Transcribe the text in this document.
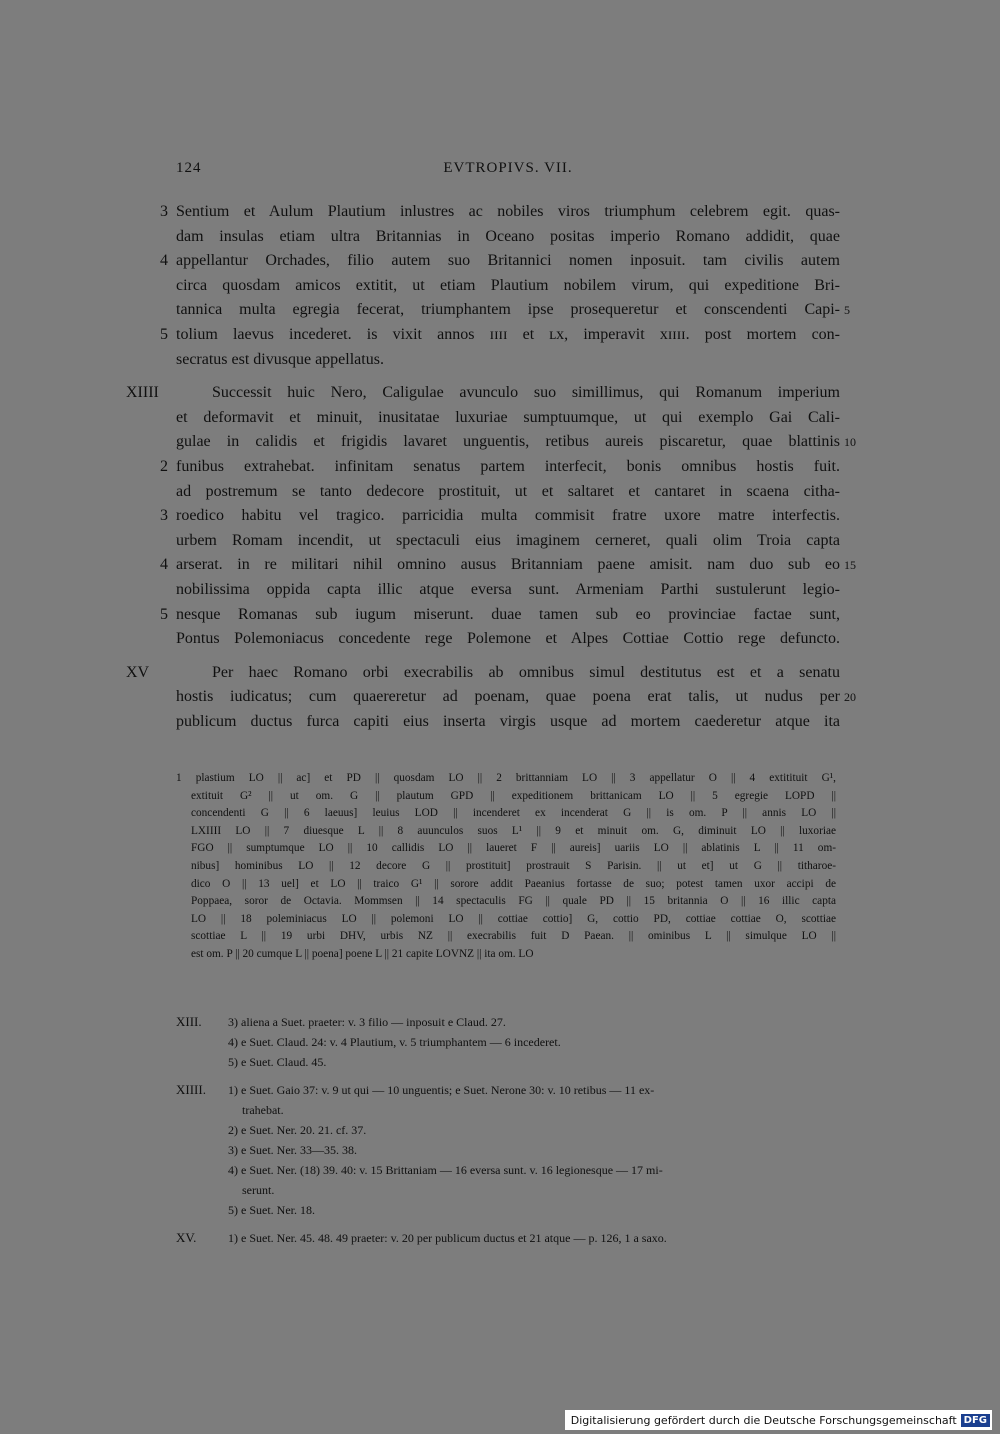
124	EVTROPIVS. VII.
3 Sentium et Aulum Plautium inlustres ac nobiles viros triumphum celebrem egit. quas-
dam insulas etiam ultra Britannias in Oceano positas imperio Romano addidit, quae
4 appellantur Orchades, filio autem suo Britannici nomen inposuit. tam civilis autem
circa quosdam amicos extitit, ut etiam Plautium nobilem virum, qui expeditione Bri-
tannica multa egregia fecerat, triumphantem ipse prosequeretur et conscendenti Capi- 5
5 tolium laevus incederet. is vixit annos ɪɪɪɪ et ʟx, imperavit xɪɪɪɪ. post mortem con-
secratus est divusque appellatus.
XIIII	Successit huic Nero, Caligulae avunculo suo simillimus, qui Romanum imperium
et deformavit et minuit, inusitatae luxuriae sumptuumque, ut qui exemplo Gai Cali-
gulae in calidis et frigidis lavaret unguentis, retibus aureis piscaretur, quae blattinis 10
2 funibus extrahebat. infinitam senatus partem interfecit, bonis omnibus hostis fuit.
ad postremum se tanto dedecore prostituit, ut et saltaret et cantaret in scaena citha-
3 roedico habitu vel tragico. parricidia multa commisit fratre uxore matre interfectis.
urbem Romam incendit, ut spectaculi eius imaginem cerneret, quali olim Troia capta
4 arserat. in re militari nihil omnino ausus Britanniam paene amisit. nam duo sub eo 15
nobilissima oppida capta illic atque eversa sunt. Armeniam Parthi sustulerunt legio-
5 nesque Romanas sub iugum miserunt. duae tamen sub eo provinciae factae sunt,
Pontus Polemoniacus concedente rege Polemone et Alpes Cottiae Cottio rege defuncto.
XV	Per haec Romano orbi execrabilis ab omnibus simul destitutus est et a senatu
hostis iudicatus; cum quaereretur ad poenam, quae poena erat talis, ut nudus per 20
publicum ductus furca capiti eius inserta virgis usque ad mortem caederetur atque ita
1 plastium LO || ac] et PD || quosdam LO || 2 brittanniam LO || 3 appellatur O || 4 extitituit G¹,
extituit G² || ut om. G || plautum GPD || expeditionem brittanicam LO || 5 egregie LOPD ||
concendenti G || 6 laeuus] leuius LOD || incenderet ex incenderat G || is om. P || annis LO ||
LXIIII LO || 7 diuesque L || 8 auunculos suos L¹ || 9 et minuit om. G, diminuit LO || luxoriae
FGO || sumptumque LO || 10 callidis LO || laueret F || aureis] uariis LO || ablatinis L || 11 om-
nibus] hominibus LO || 12 decore G || prostituit] prostrauit S Parisin. || ut et] ut G || titharoe-
dico O || 13 uel] et LO || traico G¹ || sorore addit Paeanius fortasse de suo; potest tamen uxor accipi de
Poppaea, soror de Octavia. Mommsen || 14 spectaculis FG || quale PD || 15 britannia O || 16 illic capta
LO || 18 poleminiacus LO || polemoni LO || cottiae cottio] G, cottio PD, cottiae cottiae O, scottiae
scottiae L || 19 urbi DHV, urbis NZ || execrabilis fuit D Paean. || ominibus L || simulque LO ||
est om. P || 20 cumque L || poena] poene L || 21 capite LOVNZ || ita om. LO
XIII. 3) aliena a Suet. praeter: v. 3 filio — inposuit e Claud. 27.
4) e Suet. Claud. 24: v. 4 Plautium, v. 5 triumphantem — 6 incederet.
5) e Suet. Claud. 45.
XIIII. 1) e Suet. Gaio 37: v. 9 ut qui — 10 unguentis; e Suet. Nerone 30: v. 10 retibus — 11 ex-
trahebat.
2) e Suet. Ner. 20. 21. cf. 37.
3) e Suet. Ner. 33—35. 38.
4) e Suet. Ner. (18) 39. 40: v. 15 Brittaniam — 16 eversa sunt. v. 16 legionesque — 17 mi-
serunt.
5) e Suet. Ner. 18.
XV.	1) e Suet. Ner. 45. 48. 49 praeter: v. 20 per publicum ductus et 21 atque — p. 126, 1 a saxo.
Digitalisierung gefördert durch die Deutsche Forschungsgemeinschaft DFG
